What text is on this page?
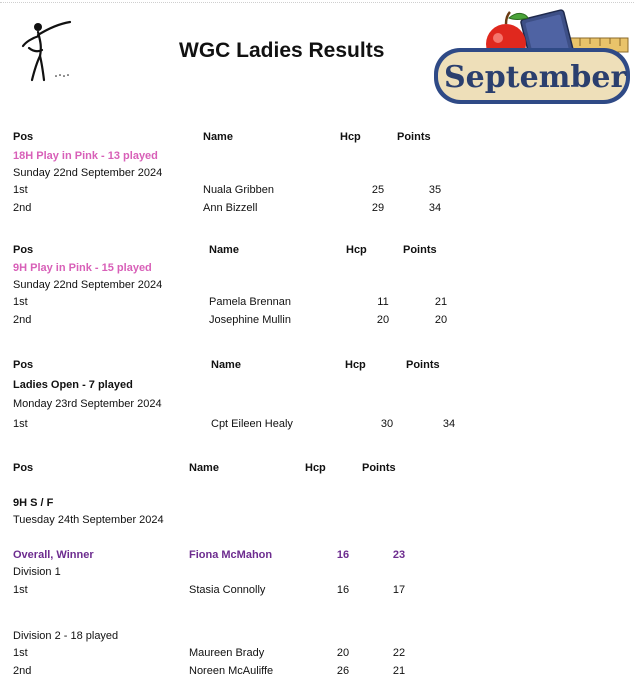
WGC Ladies Results
September
Pos	Name	Hcp	Points
18H Play in Pink - 13 played
Sunday 22nd September 2024
1st	Nuala Gribben	25	35
2nd	Ann Bizzell	29	34
Pos	Name	Hcp	Points
9H Play in Pink - 15 played
Sunday 22nd September 2024
1st	Pamela Brennan	11	21
2nd	Josephine Mullin	20	20
Pos	Name	Hcp	Points
Ladies Open - 7 played
Monday 23rd September 2024
1st	Cpt Eileen Healy	30	34
Pos	Name	Hcp	Points
9H S / F
Tuesday 24th September 2024
Overall, Winner	Fiona McMahon	16	23
Division 1
1st	Stasia Connolly	16	17
Division 2 - 18 played
1st	Maureen Brady	20	22
2nd	Noreen McAuliffe	26	21
